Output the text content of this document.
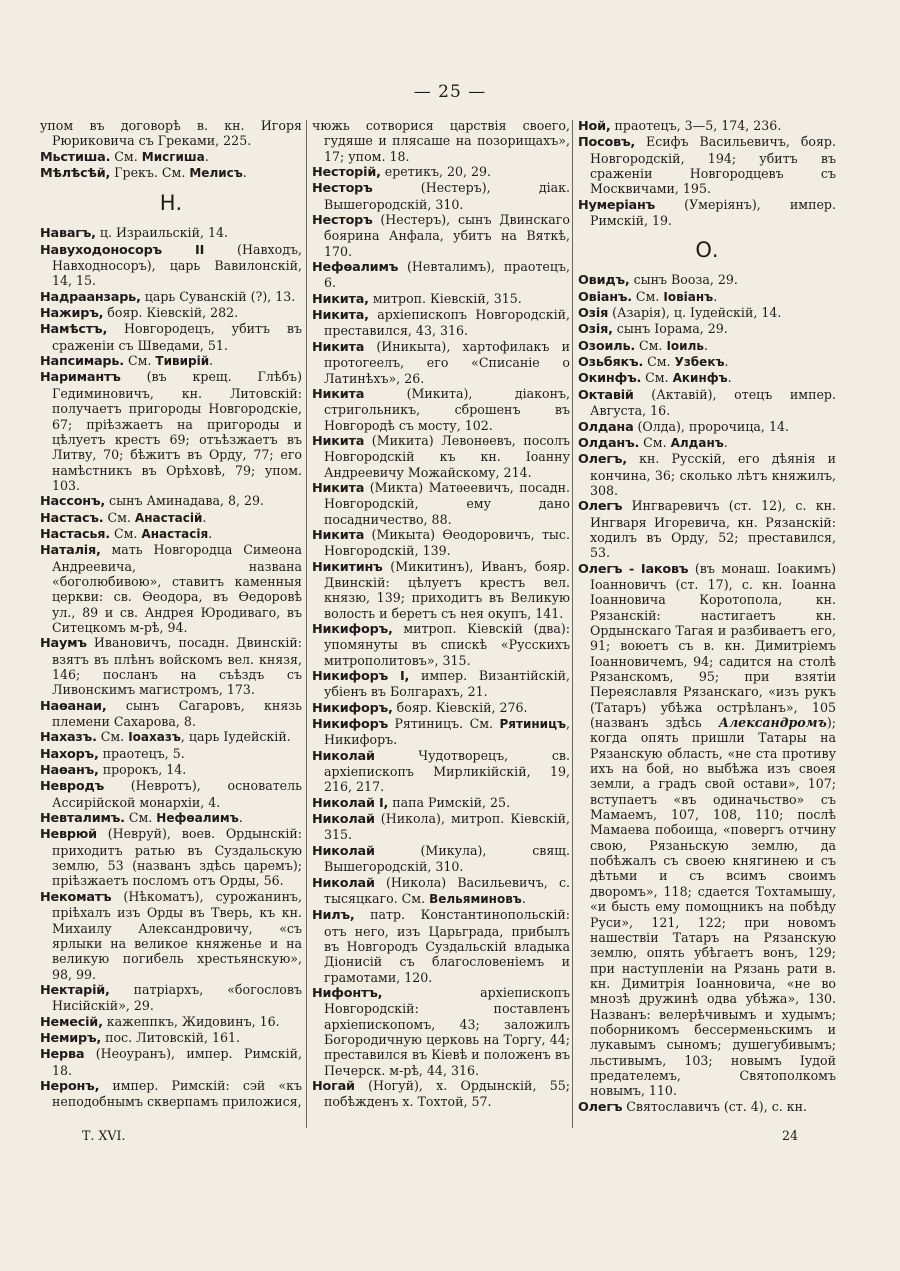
— 25 —

упом въ договорѣ в. кн. Игоря Рюриковича съ Греками, 225.

Мьстиша. См. Мисгиша.

Мѣлѣсѣй, Грекъ. См. Мелисъ.

Н.

Навагъ, ц. Израильскій, 14.

Навуходоносоръ II (Навходъ, Навходносоръ), царь Вавилонскій, 14, 15.

Надраанзарь, царь Суванскій (?), 13.

Нажиръ, бояр. Кіевскій, 282.

Намѣстъ, Новгородецъ, убитъ въ сраженіи съ Шведами, 51.

Напсимарь. См. Тивирій.

Наримантъ (въ крещ. Глѣбъ) Гедиминовичъ, кн. Литовскій: получаетъ пригороды Новгородскіе, 67; пріѣзжаетъ на пригороды и цѣлуетъ крестъ 69; отъѣзжаетъ въ Литву, 70; бѣжитъ въ Орду, 77; его намѣстникъ въ Орѣховѣ, 79; упом. 103.

Нассонъ, сынъ Аминадава, 8, 29.

Настасъ. См. Анастасій.

Настасья. См. Анастасія.

Наталія, мать Новгородца Симеона Андреевича, названа «боголюбивою», ставитъ каменныя церкви: св. Ѳеодора, въ Ѳедоровѣ ул., 89 и св. Андрея Юродиваго, въ Ситецкомъ м-рѣ, 94.

Наумъ Ивановичъ, посадн. Двинскій: взятъ въ плѣнъ войскомъ вел. князя, 146; посланъ на съѣздъ съ Ливонскимъ магистромъ, 173.

Наѳанаи, сынъ Сагаровъ, князь племени Сахарова, 8.

Нахазъ. См. Іоахазъ, царь Іудейскій.

Нахоръ, праотецъ, 5.

Наѳанъ, пророкъ, 14.

Невродъ (Невротъ), основатель Ассирійской монархіи, 4.

Невталимъ. См. Нефѳалимъ.

Неврюй (Невруй), воев. Ордынскій: приходитъ ратью въ Суздальскую землю, 53 (названъ здѣсь царемъ); пріѣзжаетъ посломъ отъ Орды, 56.

Некоматъ (Нѣкоматъ), сурожанинъ, пріѣхалъ изъ Орды въ Тверь, къ кн. Михаилу Александровичу, «съ ярлыки на великое княженье и на великую погибель хрестьянскую», 98, 99.

Нектарій, патріархъ, «богословъ Нисійскій», 29.

Немесій, кажеппкъ, Жидовинъ, 16.

Немиръ, пос. Литовскій, 161.

Нерва (Неоуранъ), импер. Римскій, 18.

Неронъ, импер. Римскій: сэй «къ неподобнымъ скверпамъ приложися,

чюжь сотворися царствія своего, гудяше и плясаше на позорищахъ», 17; упом. 18.

Несторій, еретикъ, 20, 29.

Несторъ (Нестеръ), діак. Вышегородскій, 310.

Несторъ (Нестеръ), сынъ Двинскаго боярина Анфала, убитъ на Вяткѣ, 170.

Нефѳалимъ (Невталимъ), праотецъ, 6.

Никита, митроп. Кіевскій, 315.

Никита, архіепископъ Новгородскій, преставился, 43, 316.

Никита (Иникыта), хартофилакъ и протогеелъ, его «Списаніе о Латинѣхъ», 26.

Никита (Микита), діаконъ, стригольникъ, сброшенъ въ Новгородѣ съ мосту, 102.

Никита (Микита) Левонѳевъ, посолъ Новгородскій къ кн. Іоанну Андреевичу Можайскому, 214.

Никита (Микта) Матѳеевичъ, посадн. Новгородскій, ему дано посадничество, 88.

Никита (Микыта) Ѳеодоровичъ, тыс. Новгородскій, 139.

Никитинъ (Микитинъ), Иванъ, бояр. Двинскій: цѣлуетъ крестъ вел. князю, 139; приходитъ въ Великую волость и беретъ съ нея окупъ, 141.

Никифоръ, митроп. Кіевскій (два): упомянуты въ спискѣ «Русскихъ митрополитовъ», 315.

Никифоръ I, импер. Византійскій, убіенъ въ Болгарахъ, 21.

Никифоръ, бояр. Кіевскій, 276.

Никифоръ Рятиницъ. См. Рятиницъ, Никифоръ.

Николай Чудотворецъ, св. архіепископъ Мирликійскій, 19, 216, 217.

Николай I, папа Римскій, 25.

Николай (Никола), митроп. Кіевскій, 315.

Николай (Микула), свящ. Вышегородскій, 310.

Николай (Никола) Васильевичъ, с. тысяцкаго. См. Вельяминовъ.

Нилъ, патр. Константинопольскій: отъ него, изъ Царьграда, прибылъ въ Новгородъ Суздальскій владыка Діонисій съ благословеніемъ и грамотами, 120.

Нифонтъ, архіепископъ Новгородскій: поставленъ архіепископомъ, 43; заложилъ Богородичную церковь на Торгу, 44; преставился въ Кіевѣ и положенъ въ Печерск. м-рѣ, 44, 316.

Ногай (Ногуй), х. Ордынскій, 55; побѣжденъ х. Тохтой, 57.

Ной, праотецъ, 3—5, 174, 236.

Посовъ, Есифъ Васильевичъ, бояр. Новгородскій, 194; убитъ въ сраженіи Новгородцевъ съ Москвичами, 195.

Нумеріанъ (Умеріянъ), импер. Римскій, 19.

О.

Овидъ, сынъ Вооза, 29.

Овіанъ. См. Іовіанъ.

Озія (Азарія), ц. Іудейскій, 14.

Озія, сынъ Іорама, 29.

Озоиль. См. Іоиль.

Озьбякъ. См. Узбекъ.

Окинфъ. См. Акинфъ.

Октавій (Актавій), отецъ импер. Августа, 16.

Олдана (Олда), пророчица, 14.

Олданъ. См. Алданъ.

Олегъ, кн. Русскій, его дѣянія и кончина, 36; сколько лѣтъ княжилъ, 308.

Олегъ Ингваревичъ (ст. 12), с. кн. Ингваря Игоревича, кн. Рязанскій: ходилъ въ Орду, 52; преставился, 53.

Олегъ - Іаковъ (въ монаш. Іоакимъ) Іоанновичъ (ст. 17), с. кн. Іоанна Іоанновича Коротопола, кн. Рязанскій: настигаетъ кн. Ордынскаго Тагая и разбиваетъ его, 91; воюетъ съ в. кн. Димитріемъ Іоанновичемъ, 94; садится на столѣ Рязанскомъ, 95; при взятіи Переяславля Рязанскаго, «изъ рукъ (Татаръ) убѣжа острѣланъ», 105 (названъ здѣсь Александромъ); когда опять пришли Татары на Рязанскую область, «не ста противу ихъ на бой, но выбѣжа изъ своея земли, а градъ свой остави», 107; вступаетъ «въ одиначьство» съ Мамаемъ, 107, 108, 110; послѣ Мамаева побоища, «повергъ отчину свою, Рязаньскую землю, да побѣжалъ съ своею княгинею и съ дѣтьми и съ всимъ своимъ дворомъ», 118; сдается Тохтамышу, «и бысть ему помощникъ на побѣду Руси», 121, 122; при новомъ нашествіи Татаръ на Рязанскую землю, опять убѣгаетъ вонъ, 129; при наступленіи на Рязань рати в. кн. Димитрія Іоанновича, «не во мнозѣ дружинѣ одва убѣжа», 130. Названъ: велерѣчивымъ и худымъ; поборникомъ бессерменьскимъ и лукавымъ сыномъ; душегубивымъ; льстивымъ, 103; новымъ Іудой предателемъ, Святополкомъ новымъ, 110.

Олегъ Святославичъ (ст. 4), с. кн.

Т. XVI.	24
